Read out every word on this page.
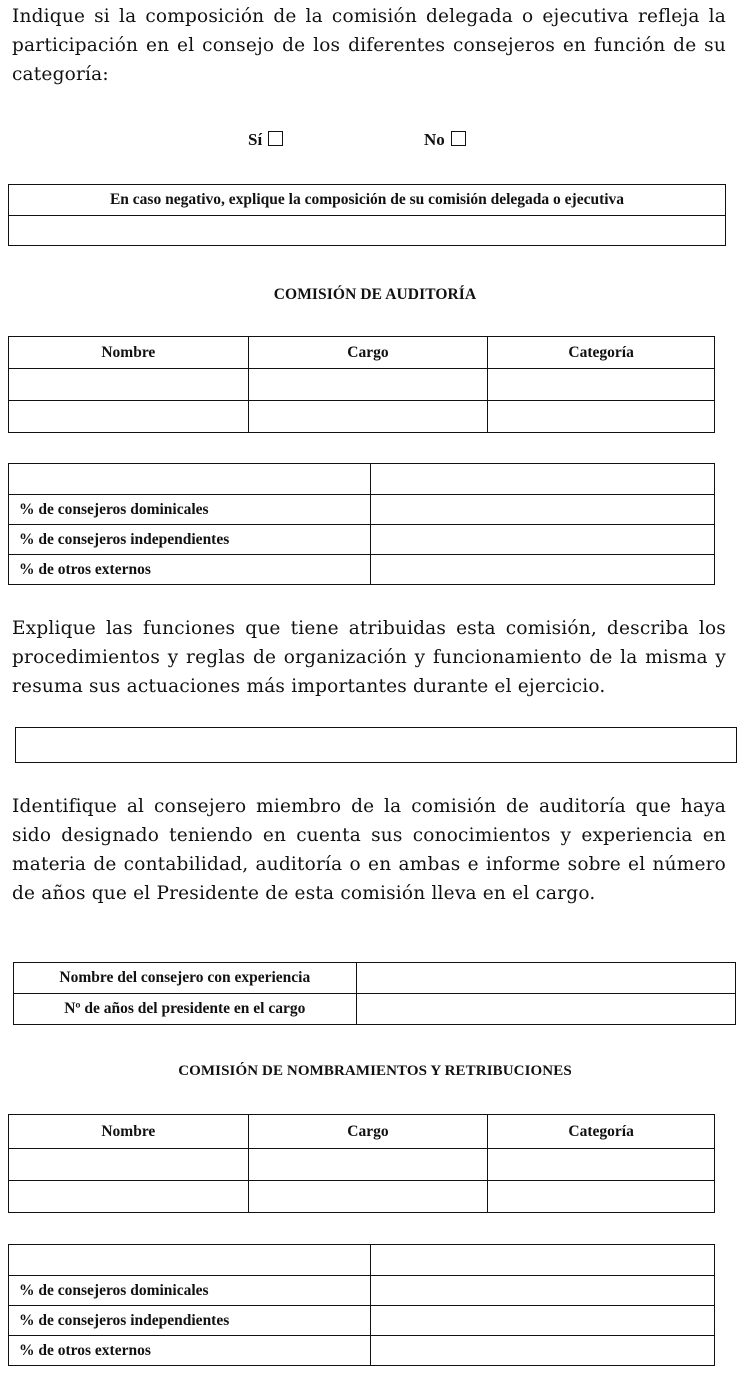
Indique si la composición de la comisión delegada o ejecutiva refleja la participación en el consejo de los diferentes consejeros en función de su categoría:

Sí	No
En caso negativo, explique la composición de su comisión delegada o ejecutiva

COMISIÓN DE AUDITORÍA
Nombre	Cargo	Categoría

% de consejeros dominicales	
% de consejeros independientes	
% de otros externos	

Explique las funciones que tiene atribuidas esta comisión, describa los procedimientos y reglas de organización y funcionamiento de la misma y resuma sus actuaciones más importantes durante el ejercicio.

Identifique al consejero miembro de la comisión de auditoría que haya sido designado teniendo en cuenta sus conocimientos y experiencia en materia de contabilidad, auditoría o en ambas e informe sobre el número de años que el Presidente de esta comisión lleva en el cargo.

Nombre del consejero con experiencia	
Nº de años del presidente en el cargo	
COMISIÓN DE NOMBRAMIENTOS Y RETRIBUCIONES
Nombre	Cargo	Categoría

% de consejeros dominicales	
% de consejeros independientes	
% de otros externos	
